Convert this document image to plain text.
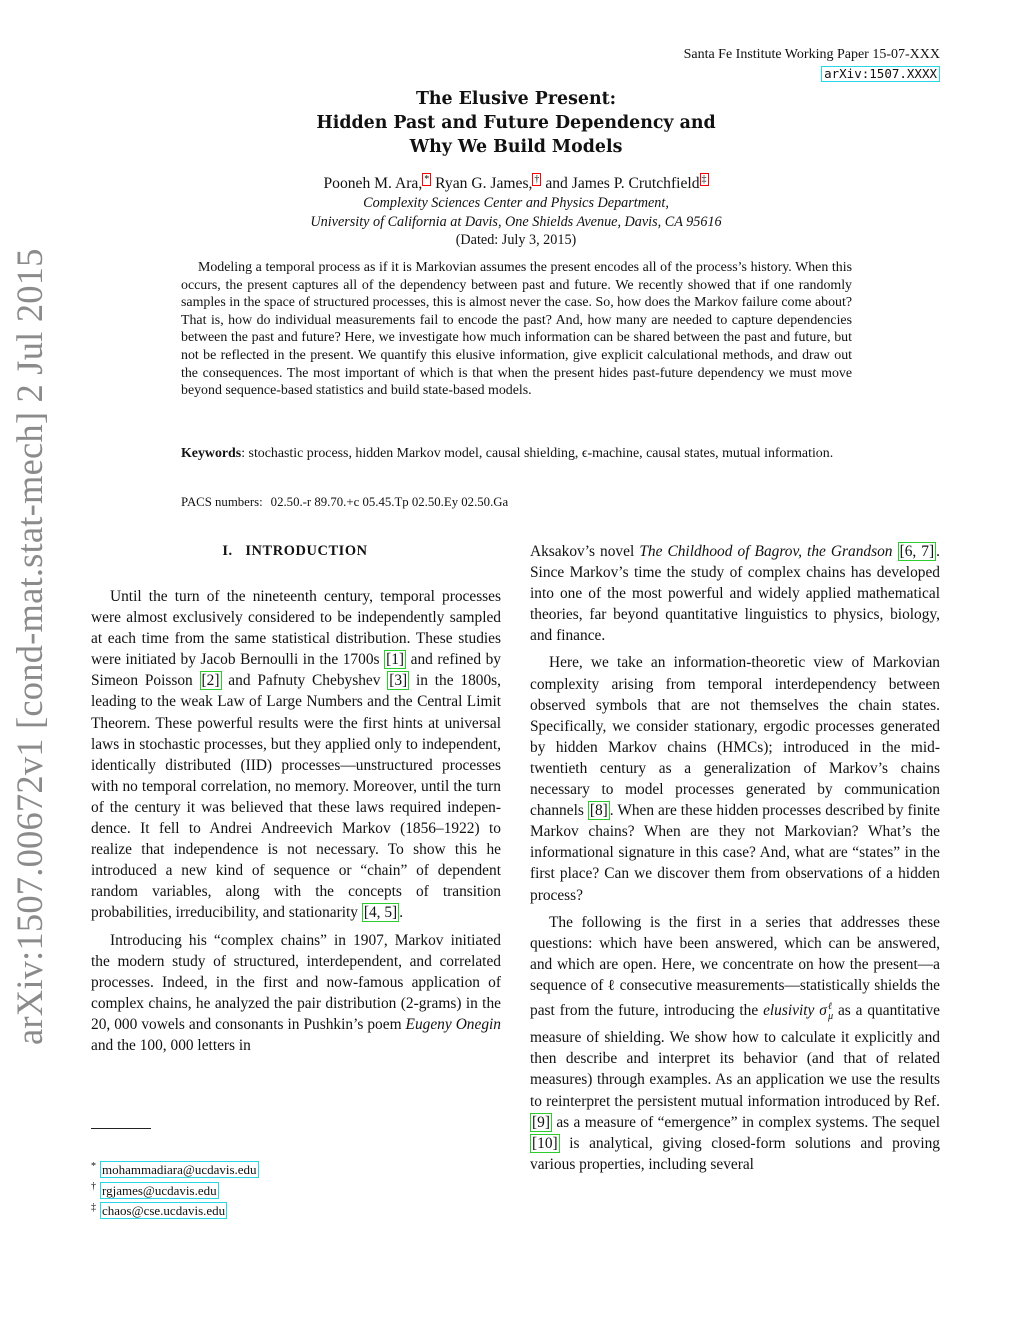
arXiv:1507.00672v1 [cond-mat.stat-mech] 2 Jul 2015
Santa Fe Institute Working Paper 15-07-XXX
arXiv:1507.XXXX
The Elusive Present:
Hidden Past and Future Dependency and
Why We Build Models
Pooneh M. Ara, * Ryan G. James, † and James P. Crutchfield ‡
Complexity Sciences Center and Physics Department,
University of California at Davis, One Shields Avenue, Davis, CA 95616
(Dated: July 3, 2015)

Modeling a temporal process as if it is Markovian assumes the present encodes all of the process’s history. When this occurs, the present captures all of the dependency between past and future. We recently showed that if one randomly samples in the space of structured processes, this is almost never the case. So, how does the Markov failure come about? That is, how do individual measurements fail to encode the past? And, how many are needed to capture dependencies between the past and future? Here, we investigate how much information can be shared between the past and future, but not be reflected in the present. We quantify this elusive information, give explicit calculational methods, and draw out the consequences. The most important of which is that when the present hides past-future dependency we must move beyond sequence-based statistics and build state-based models.

Keywords: stochastic process, hidden Markov model, causal shielding, ϵ-machine, causal states, mutual information.
PACS numbers: 02.50.-r 89.70.+c 05.45.Tp 02.50.Ey 02.50.Ga
I. INTRODUCTION

Until the turn of the nineteenth century, temporal processes were almost exclusively considered to be independently sampled at each time from the same statistical distribution. These studies were initiated by Jacob Bernoulli in the 1700s [1] and refined by Simeon Poisson [2] and Pafnuty Chebyshev [3] in the 1800s, leading to the weak Law of Large Numbers and the Central Limit Theorem. These powerful results were the first hints at universal laws in stochastic processes, but they applied only to independent, identically distributed (IID) processes—unstructured processes with no temporal correlation, no memory. Moreover, until the turn of the century it was believed that these laws required independence. It fell to Andrei Andreevich Markov (1856–1922) to realize that independence is not necessary. To show this he introduced a new kind of sequence or “chain” of dependent random variables, along with the concepts of transition probabilities, irreducibility, and stationarity [4, 5] .

Introducing his “complex chains” in 1907, Markov initiated the modern study of structured, interdependent, and correlated processes. Indeed, in the first and now-famous application of complex chains, he analyzed the pair distribution (2-grams) in the 20, 000 vowels and consonants in Pushkin’s poem Eugeny Onegin and the 100, 000 letters in

Aksakov’s novel The Childhood of Bagrov, the Grandson [6, 7] . Since Markov’s time the study of complex chains has developed into one of the most powerful and widely applied mathematical theories, far beyond quantitative linguistics to physics, biology, and finance.

Here, we take an information-theoretic view of Markovian complexity arising from temporal interdependency between observed symbols that are not themselves the chain states. Specifically, we consider stationary, ergodic processes generated by hidden Markov chains (HMCs); introduced in the mid-twentieth century as a generalization of Markov’s chains necessary to model processes generated by communication channels [8] . When are these hidden processes described by finite Markov chains? When are they not Markovian? What’s the informational signature in this case? And, what are “states” in the first place? Can we discover them from observations of a hidden process?

The following is the first in a series that addresses these questions: which have been answered, which can be answered, and which are open. Here, we concentrate on how the present—a sequence of ℓ consecutive measurements—statistically shields the past from the future, introducing the elusivity $\sigma^\ell_\mu$ as a quantitative measure of shielding. We show how to calculate it explicitly and then describe and interpret its behavior (and that of related measures) through examples. As an application we use the results to reinterpret the persistent mutual information introduced by Ref. [9] as a measure of “emergence” in complex systems. The sequel [10] is analytical, giving closed-form solutions and proving various properties, including several

* mohammadiara@ucdavis.edu
† rgjames@ucdavis.edu
‡ chaos@cse.ucdavis.edu
